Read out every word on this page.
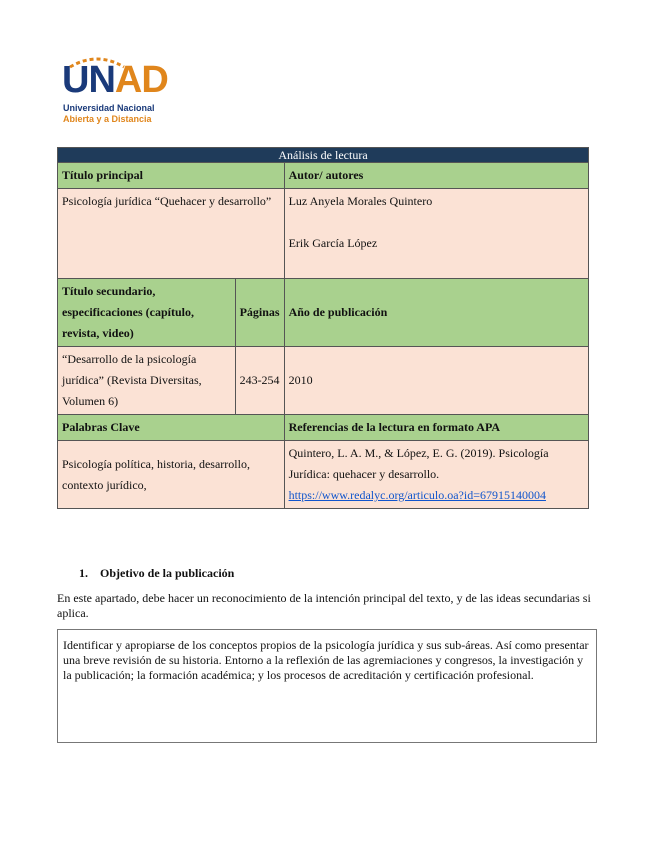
UNAD
Universidad Nacional
Abierta y a Distancia
Análisis de lectura		
Título principal		Autor/ autores
Psicología jurídica “Quehacer y desarrollo”		Luz Anyela Morales Quintero
Erik García López

Título secundario, especificaciones (capítulo, revista, video)	Páginas	Año de publicación
“Desarrollo de la psicología jurídica” (Revista Diversitas, Volumen 6)	243-254	2010
Palabras Clave		Referencias de la lectura en formato APA
Psicología política, historia, desarrollo, contexto jurídico,		Quintero, L. A. M., & López, E. G. (2019). Psicología Jurídica: quehacer y desarrollo. https://www.redalyc.org/articulo.oa?id=67915140004
1. Objetivo de la publicación
En este apartado, debe hacer un reconocimiento de la intención principal del texto, y de las ideas secundarias si aplica.
Identificar y apropiarse de los conceptos propios de la psicología jurídica y sus sub-áreas. Así como presentar una breve revisión de su historia. Entorno a la reflexión de las agremiaciones y congresos, la investigación y la publicación; la formación académica; y los procesos de acreditación y certificación profesional.
